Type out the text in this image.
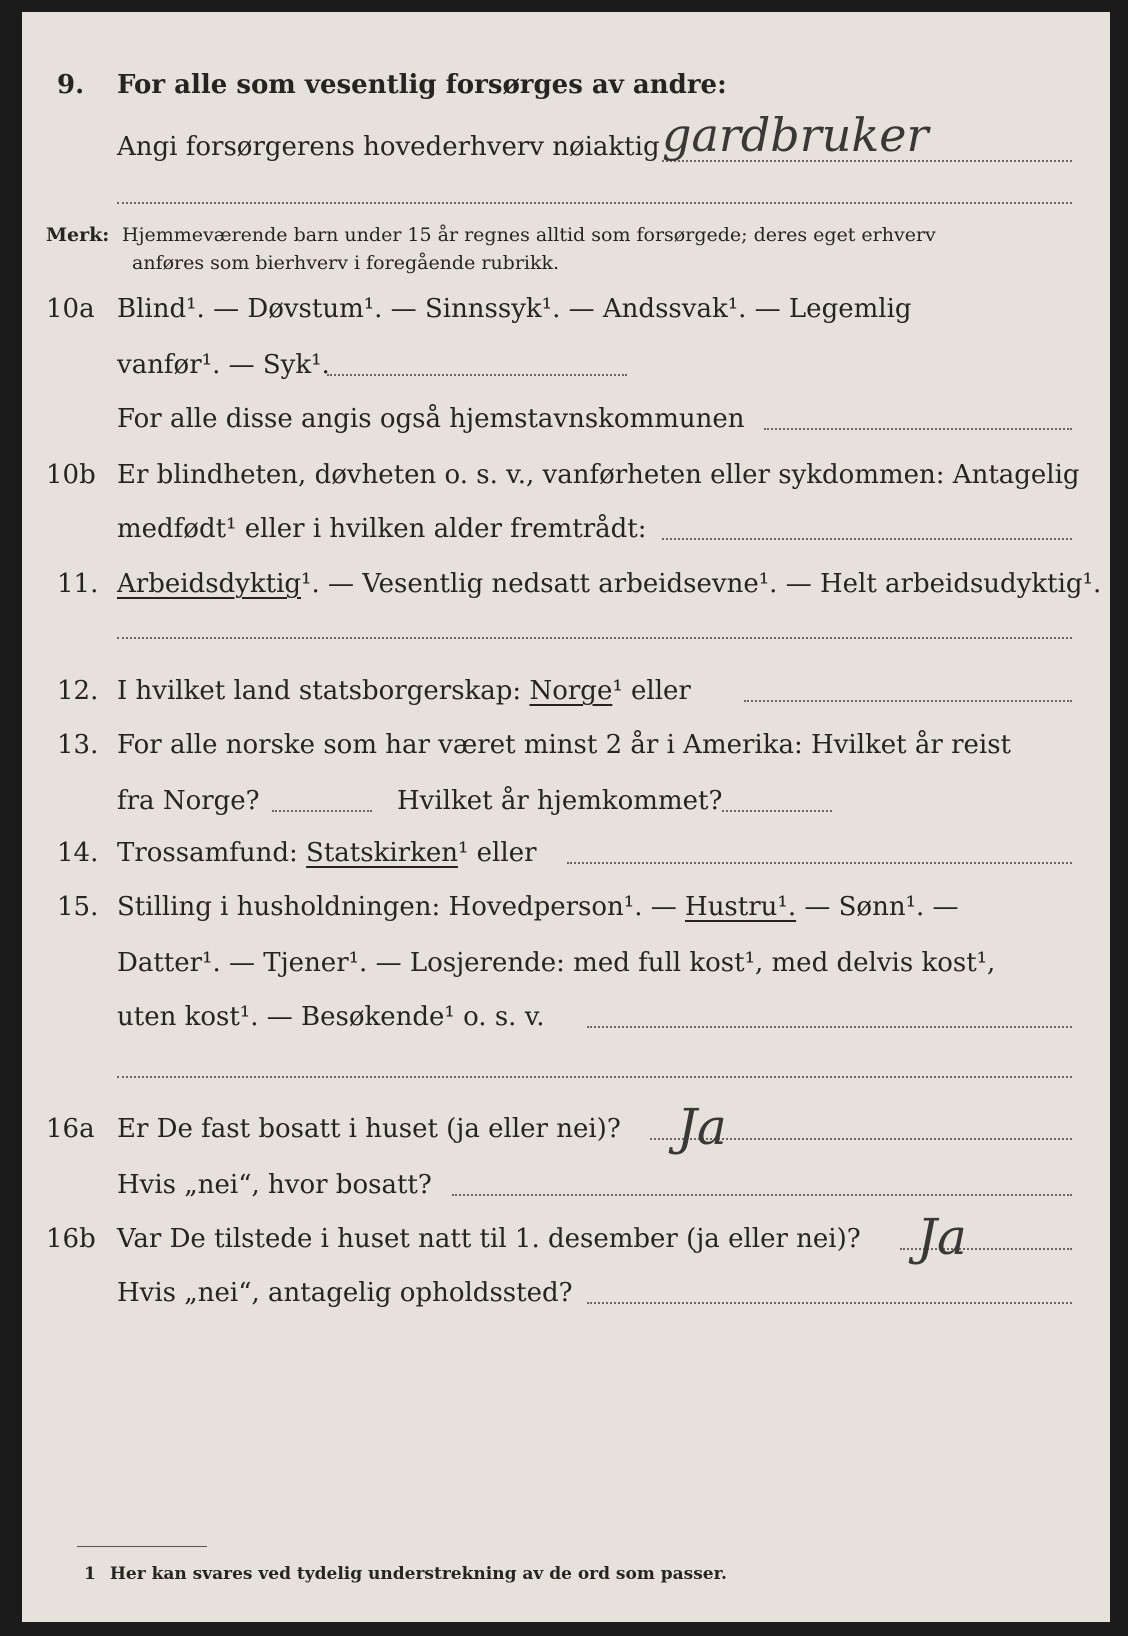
9. For alle som vesentlig forsørges av andre:
Angi forsørgerens hovederhverv nøiaktig gardbruker
Merk: Hjemmeværende barn under 15 år regnes alltid som forsørgede; deres eget erhverv
anføres som bierhverv i foregående rubrikk.
10a Blind¹. — Døvstum¹. — Sinnssyk¹. — Andssvak¹. — Legemlig
vanfør¹. — Syk¹.
For alle disse angis også hjemstavnskommunen
10b Er blindheten, døvheten o. s. v., vanførheten eller sykdommen: Antagelig
medfødt¹ eller i hvilken alder fremtrådt:
11. Arbeidsdyktig¹. — Vesentlig nedsatt arbeidsevne¹. — Helt arbeidsudyktig¹.
12. I hvilket land statsborgerskap: Norge¹ eller
13. For alle norske som har været minst 2 år i Amerika: Hvilket år reist
fra Norge?	Hvilket år hjemkommet?
14. Trossamfund: Statskirken¹ eller
15. Stilling i husholdningen: Hovedperson¹. — Hustru¹. — Sønn¹. —
Datter¹. — Tjener¹. — Losjerende: med full kost¹, med delvis kost¹,
uten kost¹. — Besøkende¹ o. s. v.
16a Er De fast bosatt i huset (ja eller nei)? Ja
Hvis „nei“, hvor bosatt?
16b Var De tilstede i huset natt til 1. desember (ja eller nei)? Ja
Hvis „nei“, antagelig opholdssted?
1 Her kan svares ved tydelig understrekning av de ord som passer.
